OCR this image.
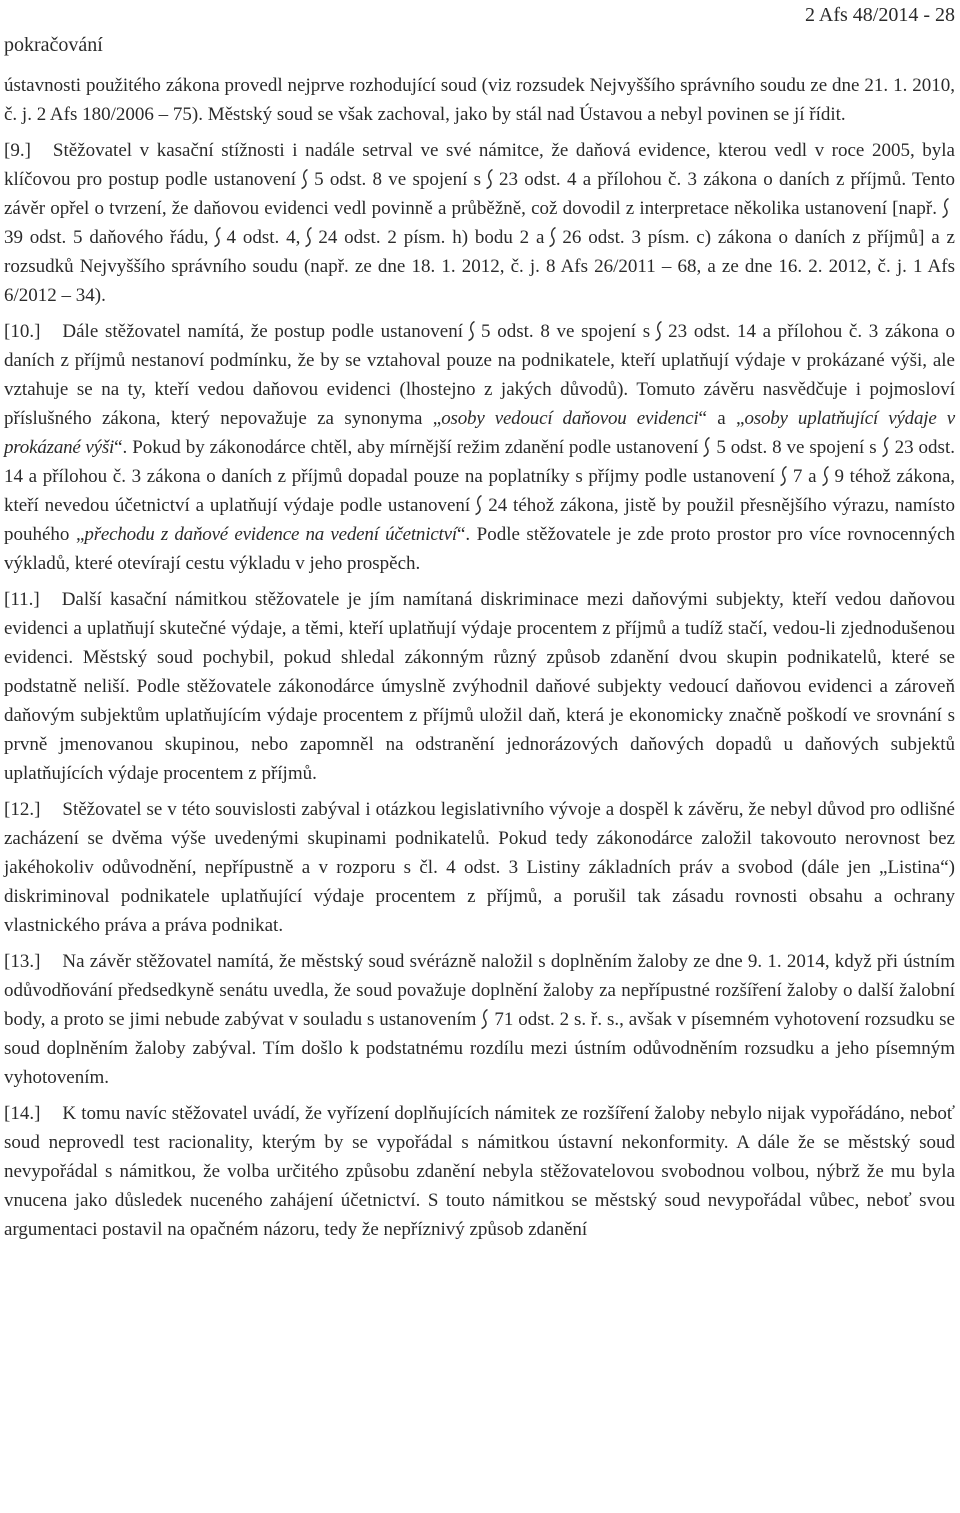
pokračování
2 Afs 48/2014 - 28

ústavnosti použitého zákona provedl nejprve rozhodující soud (viz rozsudek Nejvyššího správního soudu ze dne 21. 1. 2010, č. j. 2 Afs 180/2006 – 75). Městský soud se však zachoval, jako by stál nad Ústavou a nebyl povinen se jí řídit.

[9.] Stěžovatel v kasační stížnosti i nadále setrval ve své námitce, že daňová evidence, kterou vedl v roce 2005, byla klíčovou pro postup podle ustanovení 5 odst. 8 ve spojení s 23 odst. 4 a přílohou č. 3 zákona o daních z příjmů. Tento závěr opřel o tvrzení, že daňovou evidenci vedl povinně a průběžně, což dovodil z interpretace několika ustanovení [např.
39 odst. 5 daňového řádu, 4 odst. 4, 24 odst. 2 písm. h) bodu 2 a 26 odst. 3 písm. c) zákona o daních z příjmů] a z rozsudků Nejvyššího správního soudu (např. ze dne 18. 1. 2012, č. j. 8 Afs 26/2011 – 68, a ze dne 16. 2. 2012, č. j. 1 Afs 6/2012 – 34).

[10.] Dále stěžovatel namítá, že postup podle ustanovení 5 odst. 8 ve spojení s 23 odst. 14 a přílohou č. 3 zákona o daních z příjmů nestanoví podmínku, že by se vztahoval pouze na podnikatele, kteří uplatňují výdaje v prokázané výši, ale vztahuje se na ty, kteří vedou daňovou evidenci (lhostejno z jakých důvodů). Tomuto závěru nasvědčuje i pojmosloví příslušného zákona, který nepovažuje za synonyma „osoby vedoucí daňovou evidenci“ a „osoby uplatňující výdaje v prokázané výši“. Pokud by zákonodárce chtěl, aby mírnější režim zdanění podle ustanovení 5 odst. 8 ve spojení s 23 odst. 14 a přílohou č. 3 zákona o daních z příjmů dopadal pouze na poplatníky s příjmy podle ustanovení 7 a 9 téhož zákona, kteří nevedou účetnictví a uplatňují výdaje podle ustanovení 24 téhož zákona, jistě by použil přesnějšího výrazu, namísto pouhého „přechodu z daňové evidence na vedení účetnictví“. Podle stěžovatele je zde proto prostor pro více rovnocenných výkladů, které otevírají cestu výkladu v jeho prospěch.

[11.] Další kasační námitkou stěžovatele je jím namítaná diskriminace mezi daňovými subjekty, kteří vedou daňovou evidenci a uplatňují skutečné výdaje, a těmi, kteří uplatňují výdaje procentem z příjmů a tudíž stačí, vedou-li zjednodušenou evidenci. Městský soud pochybil, pokud shledal zákonným různý způsob zdanění dvou skupin podnikatelů, které se podstatně neliší. Podle stěžovatele zákonodárce úmyslně zvýhodnil daňové subjekty vedoucí daňovou evidenci a zároveň daňovým subjektům uplatňujícím výdaje procentem z příjmů uložil daň, která je ekonomicky značně poškodí ve srovnání s prvně jmenovanou skupinou, nebo zapomněl na odstranění jednorázových daňových dopadů u daňových subjektů uplatňujících výdaje procentem z příjmů.

[12.] Stěžovatel se v této souvislosti zabýval i otázkou legislativního vývoje a dospěl k závěru, že nebyl důvod pro odlišné zacházení se dvěma výše uvedenými skupinami podnikatelů. Pokud tedy zákonodárce založil takovouto nerovnost bez jakéhokoliv odůvodnění, nepřípustně a v rozporu s čl. 4 odst. 3 Listiny základních práv a svobod (dále jen „Listina“) diskriminoval podnikatele uplatňující výdaje procentem z příjmů, a porušil tak zásadu rovnosti obsahu a ochrany vlastnického práva a práva podnikat.

[13.] Na závěr stěžovatel namítá, že městský soud svérázně naložil s doplněním žaloby ze dne 9. 1. 2014, když při ústním odůvodňování předsedkyně senátu uvedla, že soud považuje doplnění žaloby za nepřípustné rozšíření žaloby o další žalobní body, a proto se jimi nebude zabývat v souladu s ustanovením 71 odst. 2 s. ř. s., avšak v písemném vyhotovení rozsudku se soud doplněním žaloby zabýval. Tím došlo k podstatnému rozdílu mezi ústním odůvodněním rozsudku a jeho písemným vyhotovením.

[14.] K tomu navíc stěžovatel uvádí, že vyřízení doplňujících námitek ze rozšíření žaloby nebylo nijak vypořádáno, neboť soud neprovedl test racionality, kterým by se vypořádal s námitkou ústavní nekonformity. A dále že se městský soud nevypořádal s námitkou, že volba určitého způsobu zdanění nebyla stěžovatelovou svobodnou volbou, nýbrž že mu byla vnucena jako důsledek nuceného zahájení účetnictví. S touto námitkou se městský soud nevypořádal vůbec, neboť svou argumentaci postavil na opačném názoru, tedy že nepříznivý způsob zdanění
